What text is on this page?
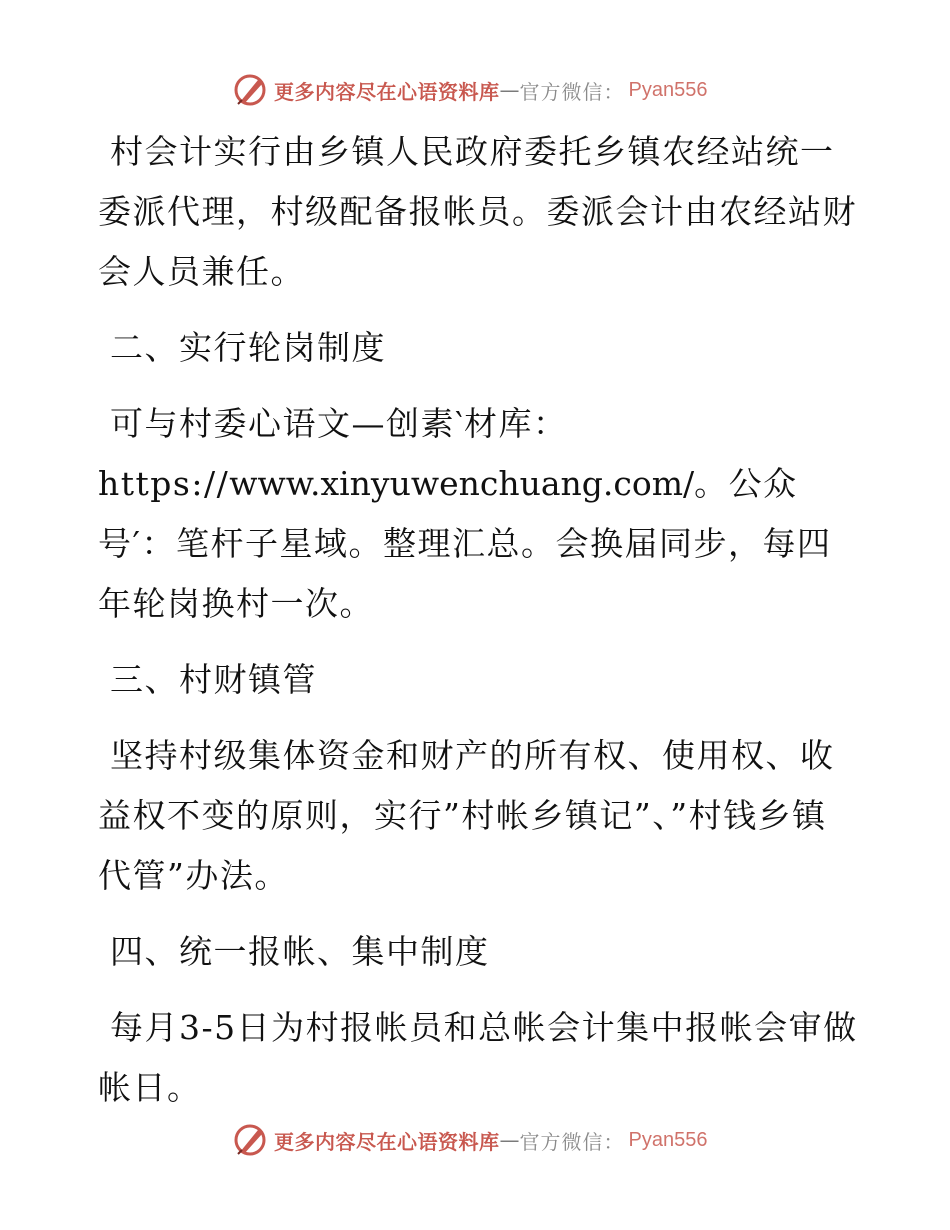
更多内容尽在心语资料库 — 官方微信： Pyan556

村会计实行由乡镇人民政府委托乡镇农经站统一委派代理，村级配备报帐员。委派会计由农经站财会人员兼任。

二、实行轮岗制度

可与村委心语文—创素‵材库：https://www.xinyuwenchuang.com/。公众号′：笔杆子星域。整理汇总。会换届同步，每四年轮岗换村一次。

三、村财镇管

坚持村级集体资金和财产的所有权、使用权、收益权不变的原则，实行”村帐乡镇记”、”村钱乡镇代管”办法。

四、统一报帐、集中制度

每月3-5日为村报帐员和总帐会计集中报帐会审做帐日。

更多内容尽在心语资料库 — 官方微信： Pyan556
